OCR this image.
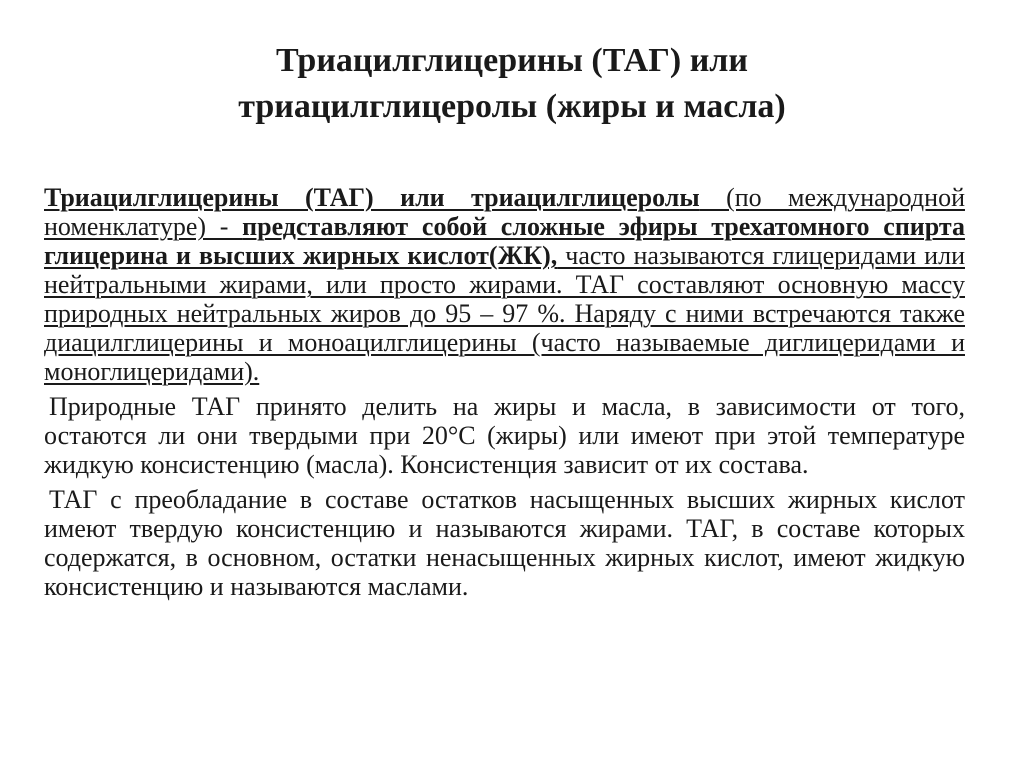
Триацилглицерины (ТАГ) или
триацилглицеролы (жиры и масла)

Триацилглицерины (ТАГ) или триацилглицеролы (по международной номенклатуре) - представляют собой сложные эфиры трехатомного спирта глицерина и высших жирных кислот(ЖК), часто называются глицеридами или нейтральными жирами, или просто жирами. ТАГ составляют основную массу природных нейтральных жиров до 95 – 97 %. Наряду с ними встречаются также диацилглицерины и моноацилглицерины (часто называемые диглицеридами и моноглицеридами).

Природные ТАГ принято делить на жиры и масла, в зависимости от того, остаются ли они твердыми при 20°С (жиры) или имеют при этой температуре жидкую консистенцию (масла). Консистенция зависит от их состава.

ТАГ с преобладание в составе остатков насыщенных высших жирных кислот имеют твердую консистенцию и называются жирами. ТАГ, в составе которых содержатся, в основном, остатки ненасыщенных жирных кислот, имеют жидкую консистенцию и называются маслами.
